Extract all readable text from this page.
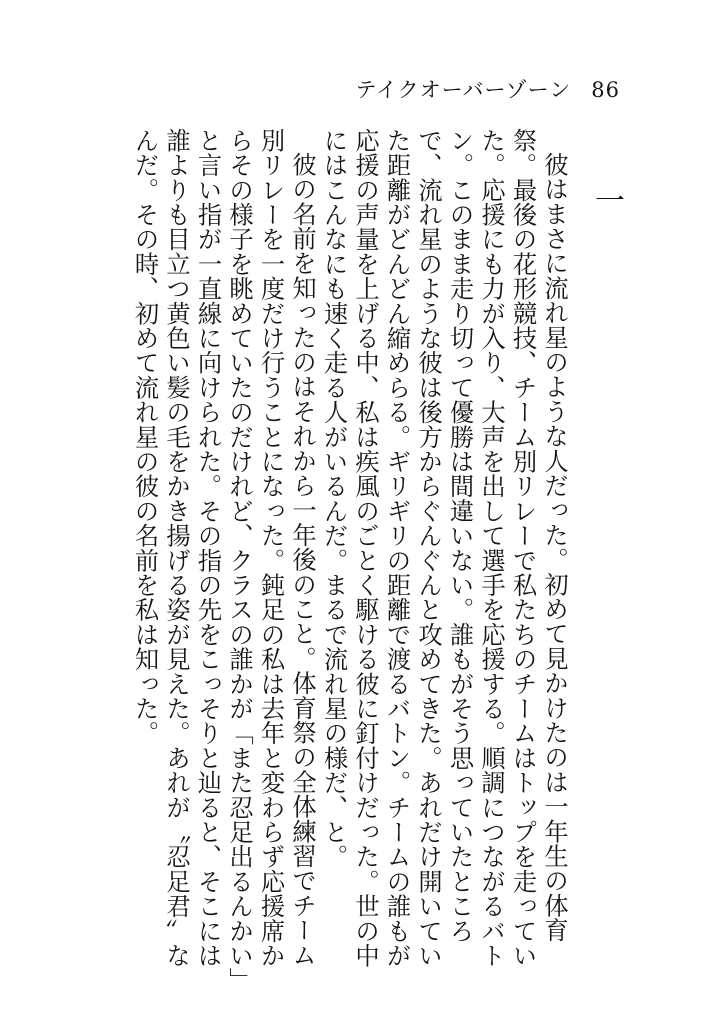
テイクオーバーゾーン 86
一

彼はまさに流れ星のような人だった。初めて見かけたのは一年生の体育祭。最後の花形競技、チーム別リレーで私たちのチームはトップを走っていた。応援にも力が入り、大声を出して選手を応援する。順調につながるバトン。このまま走り切って優勝は間違いない。誰もがそう思っていたところで、流れ星のような彼は後方からぐんぐんと攻めてきた。あれだけ開いていた距離がどんどん縮めらる。ギリギリの距離で渡るバトン。チームの誰もが応援の声量を上げる中、私は疾風のごとく駆ける彼に釘付けだった。世の中にはこんなにも速く走る人がいるんだ。まるで流れ星の様だ、と。

彼の名前を知ったのはそれから一年後のこと。体育祭の全体練習でチーム別リレーを一度だけ行うことになった。鈍足の私は去年と変わらず応援席からその様子を眺めていたのだけれど、クラスの誰かが「また忍足出るんかい」と言い指が一直線に向けられた。その指の先をこっそりと辿ると、そこには誰よりも目立つ黄色い髪の毛をかき揚げる姿が見えた。あれが〝忍足君〟なんだ。その時、初めて流れ星の彼の名前を私は知った。
